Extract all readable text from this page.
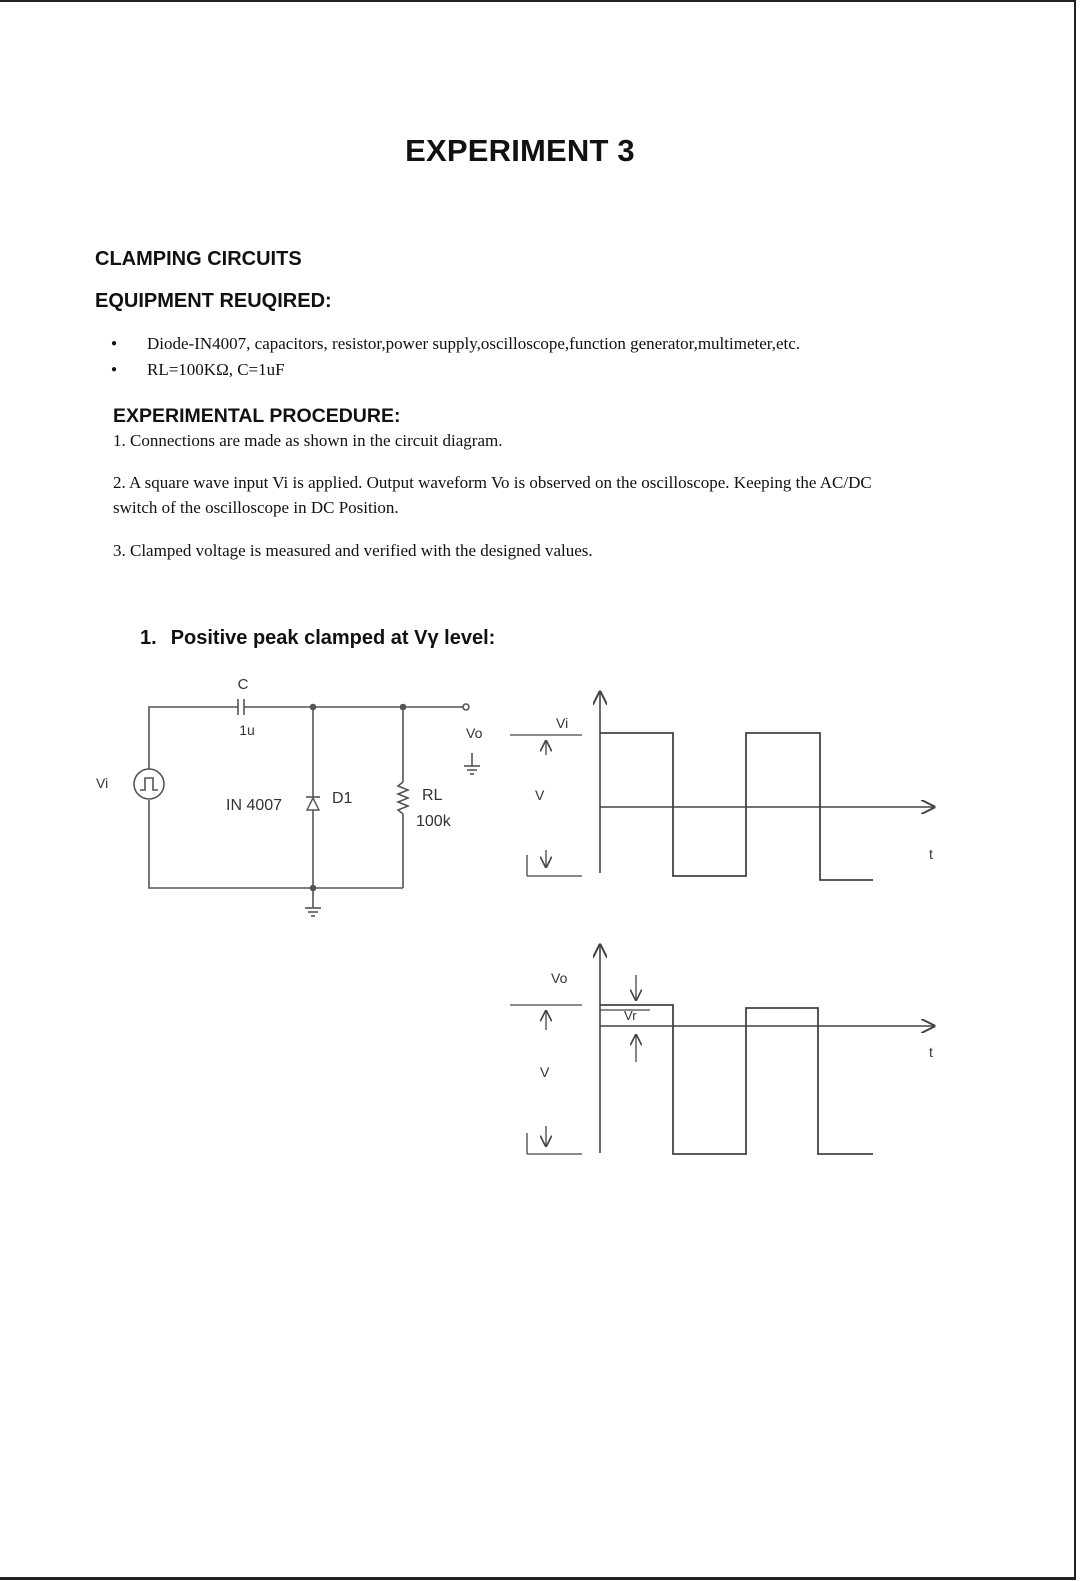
EXPERIMENT 3
CLAMPING CIRCUITS
EQUIPMENT REUQIRED:
● Diode-IN4007, capacitors, resistor,power supply,oscilloscope,function generator,multimeter,etc.
● RL=100KΩ, C=1uF
EXPERIMENTAL PROCEDURE:

1. Connections are made as shown in the circuit diagram.

2. A square wave input Vi is applied. Output waveform Vo is observed on the oscilloscope. Keeping the AC/DC switch of the oscilloscope in DC Position.

3. Clamped voltage is measured and verified with the designed values.

1. Positive peak clamped at Vγ level:
C
1u
Vi
IN 4007	D1	RL
100k
Vo
Vi
V
t
Vo
V
Vr
t
